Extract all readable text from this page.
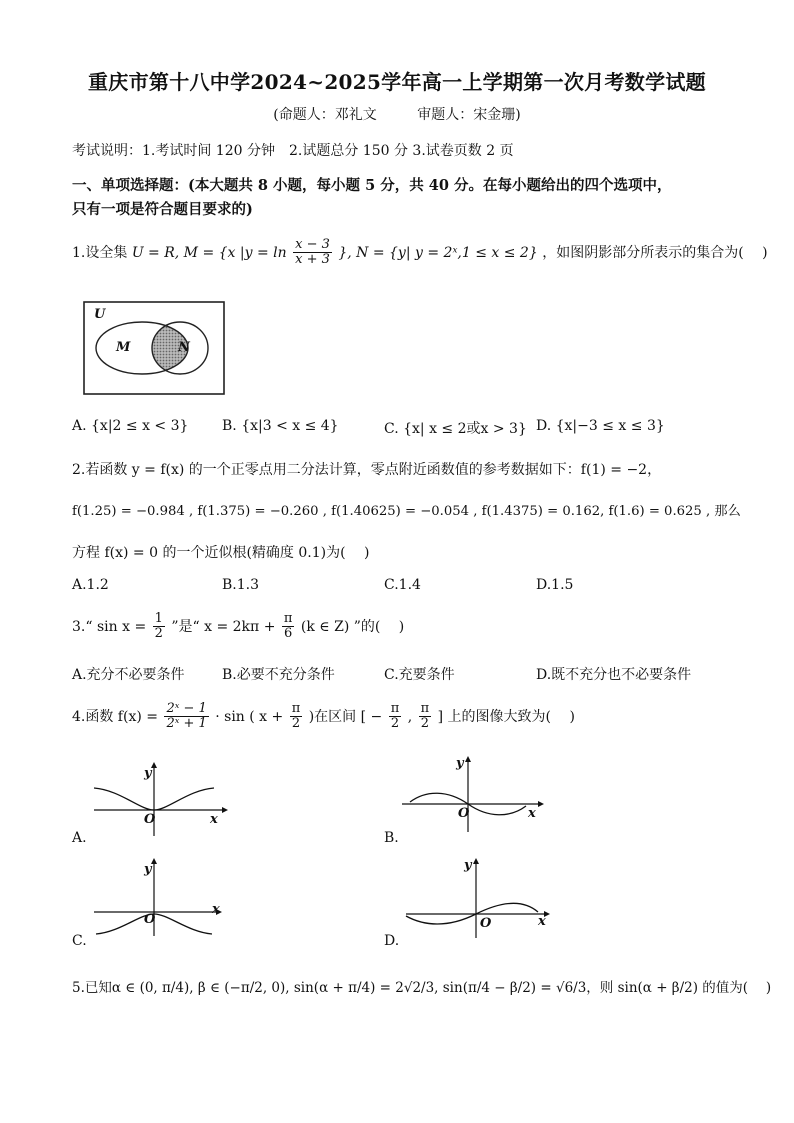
重庆市第十八中学2024~2025学年高一上学期第一次月考数学试题
(命题人：邓礼文	审题人：宋金珊)
考试说明：1.考试时间 120 分钟　2.试题总分 150 分 3.试卷页数 2 页
一、单项选择题：(本大题共 8 小题，每小题 5 分，共 40 分。在每小题给出的四个选项中，
只有一项是符合题目要求的)
1.设全集 U = R, M = {x $|y = \ln \frac{x - 3}{x + 3}$ }, N = {y| y = 2ˣ,1 ≤ x ≤ 2} ，如图阴影部分所表示的集合为(　 )
U
M	N
A. {x|2 ≤ x < 3} B. {x|3 < x ≤ 4}	C. {x| x ≤ 2或x > 3} D. {x|−3 ≤ x ≤ 3}
2.若函数 y = f(x) 的一个正零点用二分法计算，零点附近函数值的参考数据如下：f(1) = −2，
f(1.25) = −0.984 , f(1.375) = −0.260 , f(1.40625) = −0.054 , f(1.4375) = 0.162, f(1.6) = 0.625 , 那么
方程 f(x) = 0 的一个近似根(精确度 0.1)为(　 )
A.1.2	B.1.3	C.1.4	D.1.5
3.“ $\sin x = \frac{1}{2}$ ”是“ $x = 2k\pi + \frac{\pi}{6} (k$ ∈ Z) ”的(　 )
A.充分不必要条件	B.必要不充分条件	C.充要条件	D.既不充分也不必要条件
4.函数 $f(x) = \frac{\text{2ˣ − 1}}{\text{2ˣ + 1}} \cdot \sin$ ( $x + \frac{\pi}{2}$ )在区间 [ − $\frac{\pi}{2}$ , $\frac{\pi}{2}$ ] 上的图像大致为(　 )
y
x
O
A.
y
x
O
B.
y
x
O
C.
y
x
O
D.
5.已知α ∈ (0, π/4), β ∈ (−π/2, 0), sin(α + π/4) = 2√2/3, sin(π/4 − β/2) = √6/3，则 sin(α + β/2) 的值为(　 )
